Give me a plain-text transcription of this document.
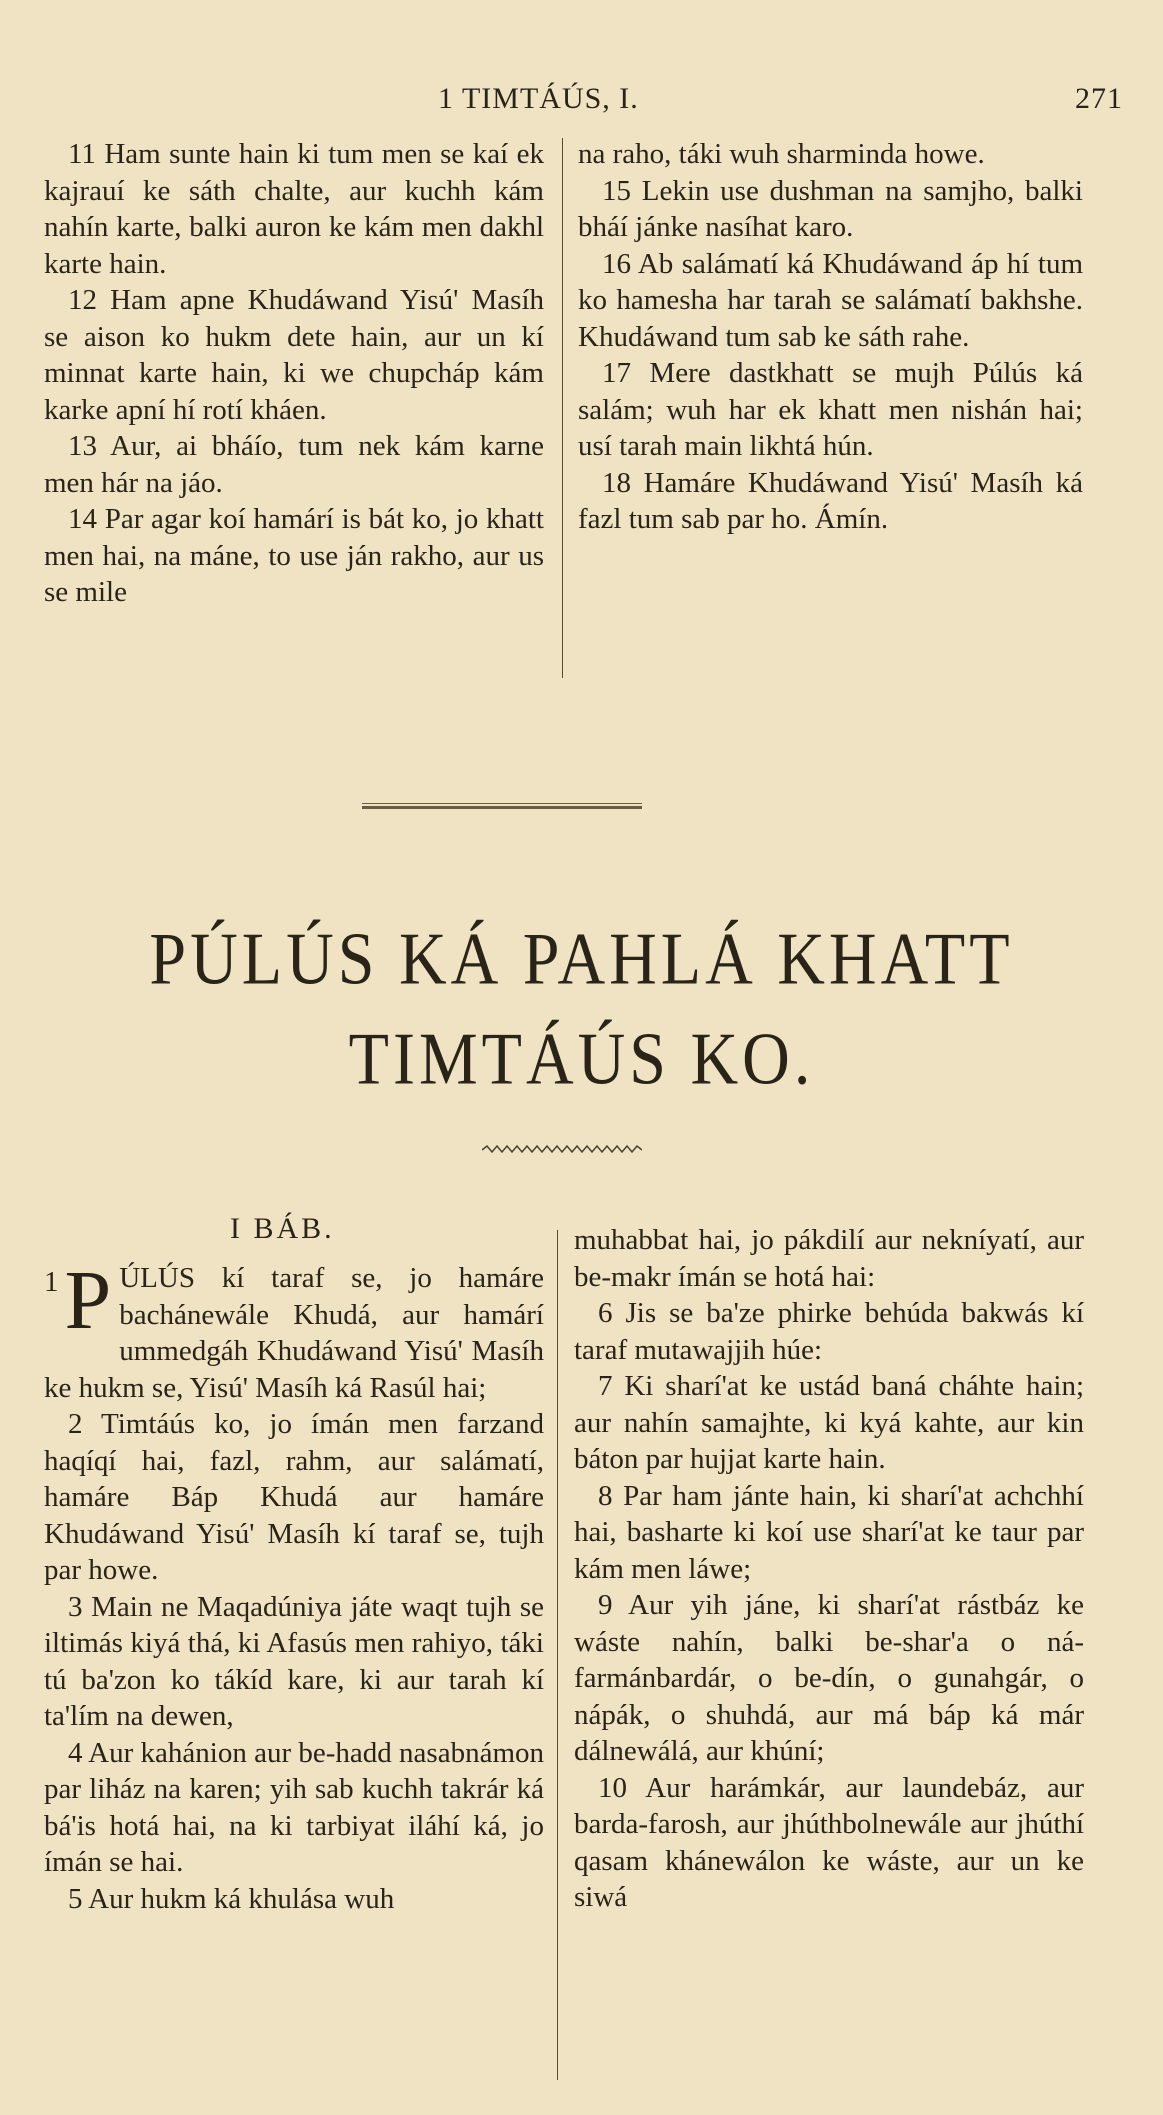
1 TIMTÁÚS, I.	271

11 Ham sunte hain ki tum men se kaí ek kajrauí ke sáth chalte, aur kuchh kám nahín karte, balki auron ke kám men dakhl karte hain.

12 Ham apne Khudáwand Yisú' Masíh se aison ko hukm dete hain, aur un kí minnat karte hain, ki we chupcháp kám karke apní hí rotí kháen.

13 Aur, ai bháío, tum nek kám karne men hár na jáo.

14 Par agar koí hamárí is bát ko, jo khatt men hai, na máne, to use ján rakho, aur us se mile

na raho, táki wuh sharminda howe.

15 Lekin use dushman na samjho, balki bháí jánke nasíhat karo.

16 Ab salámatí ká Khudáwand áp hí tum ko hamesha har tarah se salámatí bakhshe. Khudáwand tum sab ke sáth rahe.

17 Mere dastkhatt se mujh Púlús ká salám; wuh har ek khatt men nishán hai; usí tarah main likhtá hún.

18 Hamáre Khudáwand Yisú' Masíh ká fazl tum sab par ho. Ámín.

PÚLÚS KÁ PAHLÁ KHATT
TIMTÁÚS KO.
I BÁB.

1 P ÚLÚS kí taraf se, jo hamáre bachánewále Khudá, aur hamárí ummedgáh Khudáwand Yisú' Masíh ke hukm se, Yisú' Masíh ká Rasúl hai;

2 Timtáús ko, jo ímán men farzand haqíqí hai, fazl, rahm, aur salámatí, hamáre Báp Khudá aur hamáre Khudáwand Yisú' Masíh kí taraf se, tujh par howe.

3 Main ne Maqadúniya játe waqt tujh se iltimás kiyá thá, ki Afasús men rahiyo, táki tú ba'zon ko tákíd kare, ki aur tarah kí ta'lím na dewen,

4 Aur kahánion aur be-hadd nasabnámon par liház na karen; yih sab kuchh takrár ká bá'is hotá hai, na ki tarbiyat iláhí ká, jo ímán se hai.

5 Aur hukm ká khulása wuh

muhabbat hai, jo pákdilí aur nekníyatí, aur be-makr ímán se hotá hai:

6 Jis se ba'ze phirke behúda bakwás kí taraf mutawajjih húe:

7 Ki sharí'at ke ustád baná cháhte hain; aur nahín samajhte, ki kyá kahte, aur kin báton par hujjat karte hain.

8 Par ham jánte hain, ki sharí'at achchhí hai, basharte ki koí use sharí'at ke taur par kám men láwe;

9 Aur yih jáne, ki sharí'at rástbáz ke wáste nahín, balki be-shar'a o ná-farmánbardár, o be-dín, o gunahgár, o nápák, o shuhdá, aur má báp ká már dálnewálá, aur khúní;

10 Aur harámkár, aur laundebáz, aur barda-farosh, aur jhúthbolnewále aur jhúthí qasam khánewálon ke wáste, aur un ke siwá
